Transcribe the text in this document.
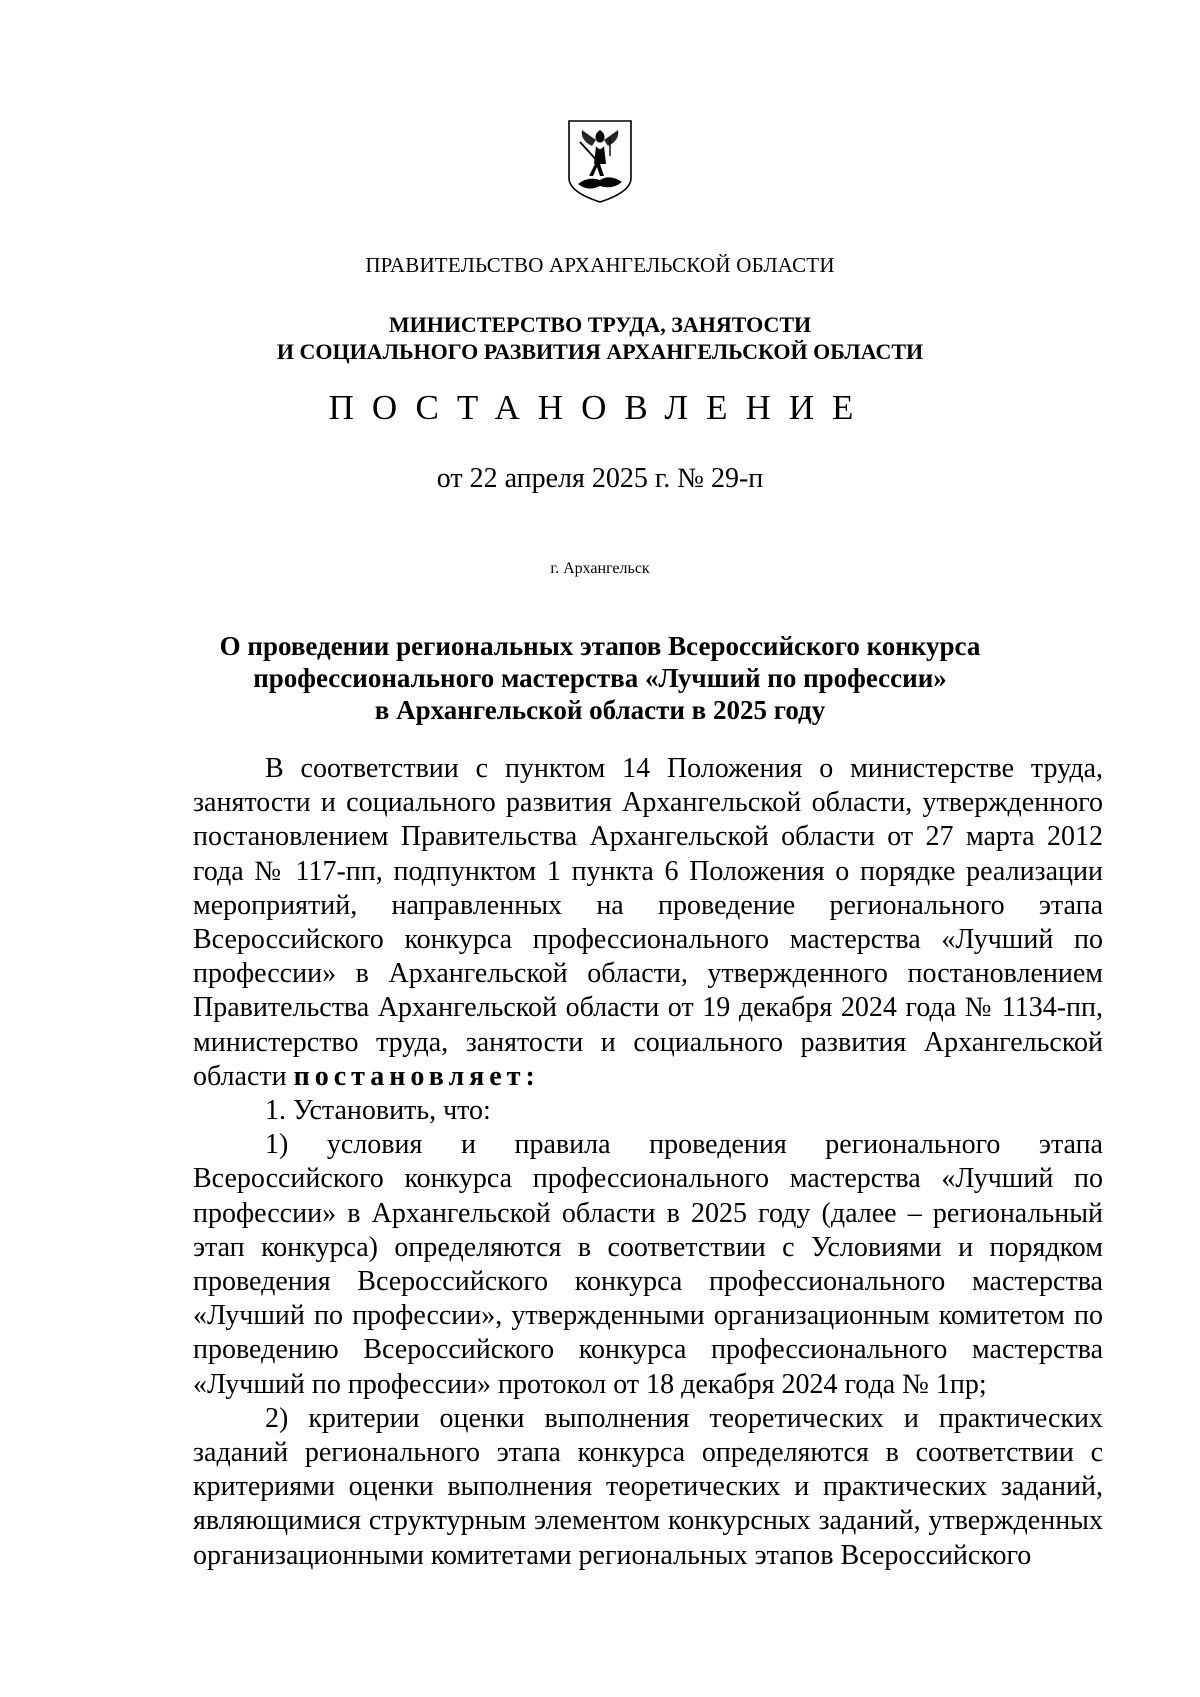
ПРАВИТЕЛЬСТВО АРХАНГЕЛЬСКОЙ ОБЛАСТИ
МИНИСТЕРСТВО ТРУДА, ЗАНЯТОСТИ
И СОЦИАЛЬНОГО РАЗВИТИЯ АРХАНГЕЛЬСКОЙ ОБЛАСТИ
ПОСТАНОВЛЕНИЕ
от 22 апреля 2025 г. № 29-п
г. Архангельск
О проведении региональных этапов Всероссийского конкурса
профессионального мастерства «Лучший по профессии»
в Архангельской области в 2025 году

В соответствии с пунктом 14 Положения о министерстве труда, занятости и социального развития Архангельской области, утвержденного постановлением Правительства Архангельской области от 27 марта 2012 года № 117-пп, подпунктом 1 пункта 6 Положения о порядке реализации мероприятий, направленных на проведение регионального этапа Всероссийского конкурса профессионального мастерства «Лучший по профессии» в Архангельской области, утвержденного постановлением Правительства Архангельской области от 19 декабря 2024 года № 1134-пп, министерство труда, занятости и социального развития Архангельской области постановляет:

1. Установить, что:

1) условия и правила проведения регионального этапа Всероссийского конкурса профессионального мастерства «Лучший по профессии» в Архангельской области в 2025 году (далее – региональный этап конкурса) определяются в соответствии с Условиями и порядком проведения Всероссийского конкурса профессионального мастерства «Лучший по профессии», утвержденными организационным комитетом по проведению Всероссийского конкурса профессионального мастерства «Лучший по профессии» протокол от 18 декабря 2024 года № 1пр;

2) критерии оценки выполнения теоретических и практических заданий регионального этапа конкурса определяются в соответствии с критериями оценки выполнения теоретических и практических заданий, являющимися структурным элементом конкурсных заданий, утвержденных организационными комитетами региональных этапов Всероссийского
